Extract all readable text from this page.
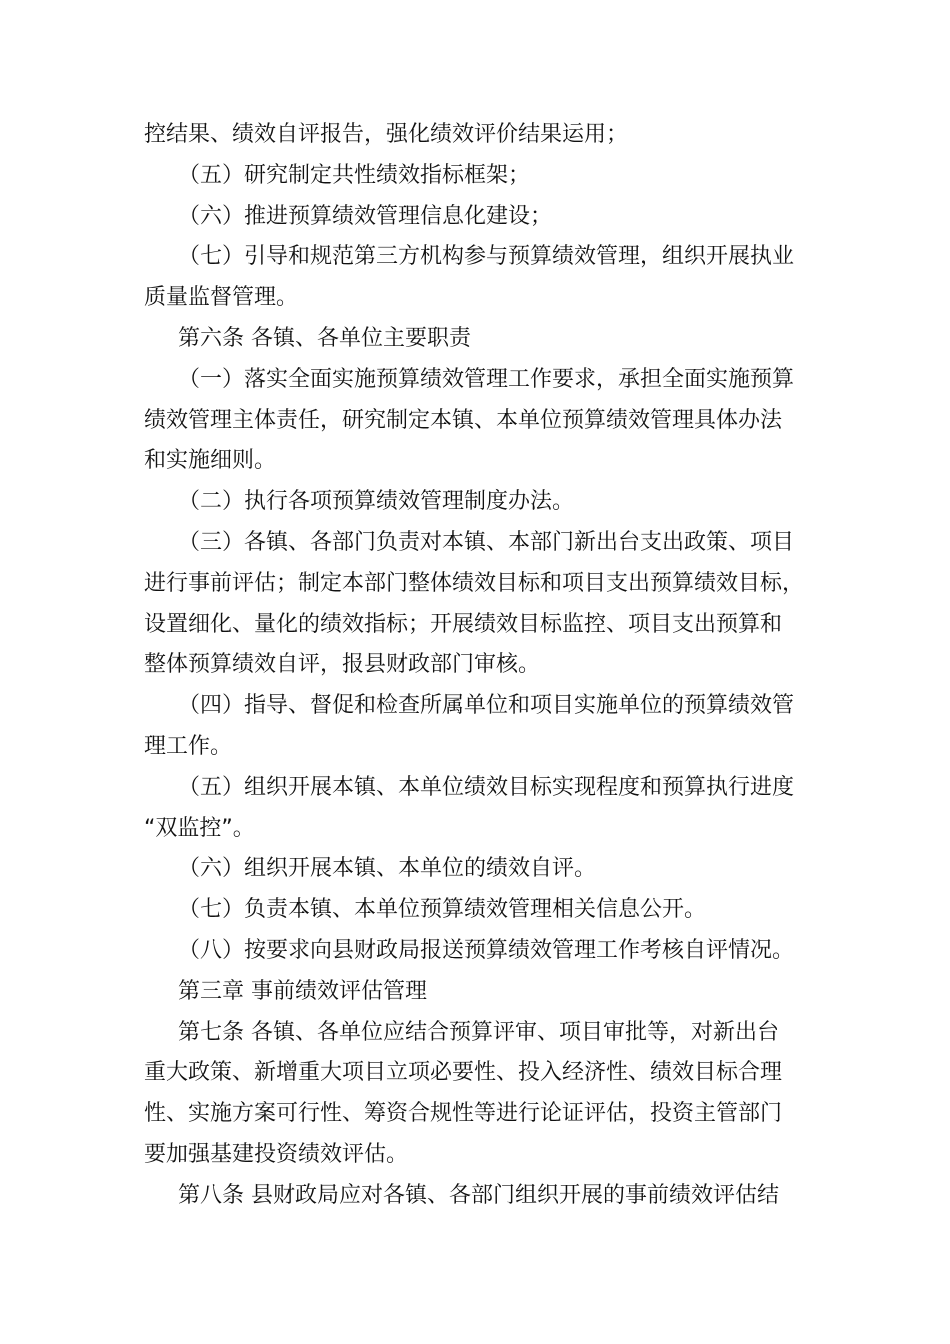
控结果、绩效自评报告，强化绩效评价结果运用；
（五）研究制定共性绩效指标框架；
（六）推进预算绩效管理信息化建设；
（七）引导和规范第三方机构参与预算绩效管理，组织开展执业
质量监督管理。
第六条 各镇、各单位主要职责
（一）落实全面实施预算绩效管理工作要求，承担全面实施预算
绩效管理主体责任，研究制定本镇、本单位预算绩效管理具体办法
和实施细则。
（二）执行各项预算绩效管理制度办法。
（三）各镇、各部门负责对本镇、本部门新出台支出政策、项目
进行事前评估；制定本部门整体绩效目标和项目支出预算绩效目标，
设置细化、量化的绩效指标；开展绩效目标监控、项目支出预算和
整体预算绩效自评，报县财政部门审核。
（四）指导、督促和检查所属单位和项目实施单位的预算绩效管
理工作。
（五）组织开展本镇、本单位绩效目标实现程度和预算执行进度
“双监控”。
（六）组织开展本镇、本单位的绩效自评。
（七）负责本镇、本单位预算绩效管理相关信息公开。
（八）按要求向县财政局报送预算绩效管理工作考核自评情况。
第三章 事前绩效评估管理
第七条 各镇、各单位应结合预算评审、项目审批等，对新出台
重大政策、新增重大项目立项必要性、投入经济性、绩效目标合理
性、实施方案可行性、筹资合规性等进行论证评估，投资主管部门
要加强基建投资绩效评估。
第八条 县财政局应对各镇、各部门组织开展的事前绩效评估结
